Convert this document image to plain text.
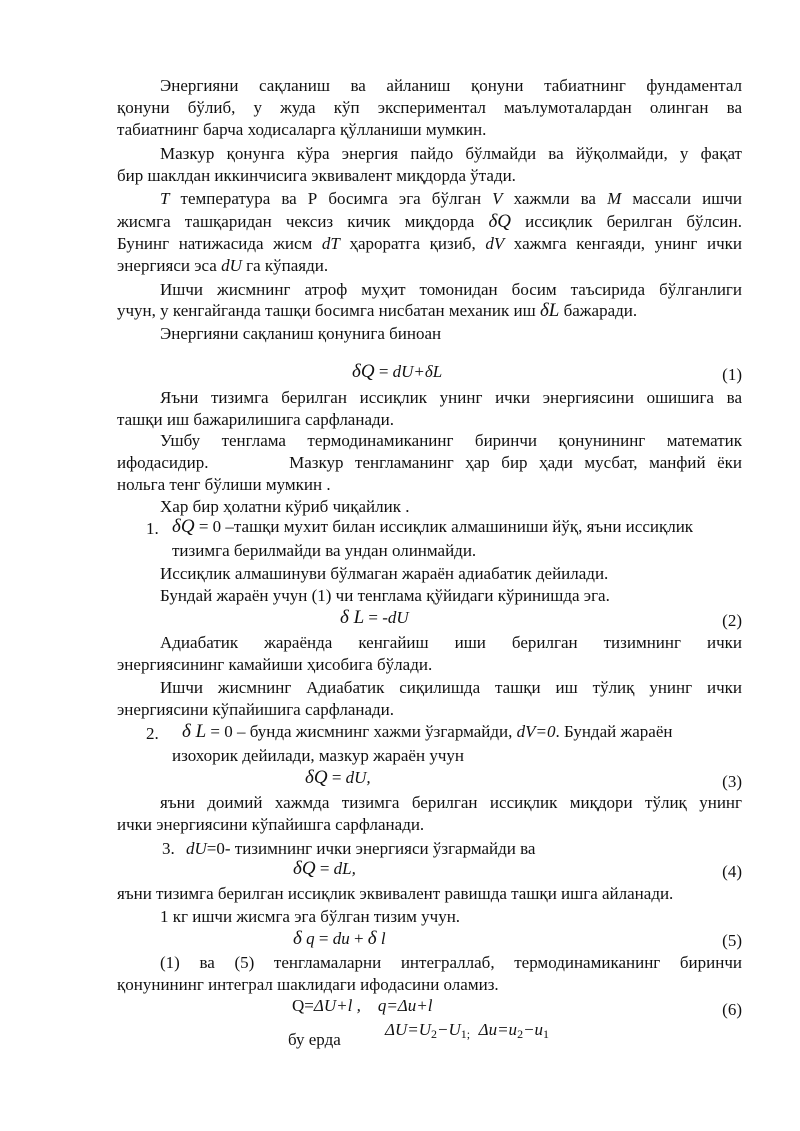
Энергияни сақланиш ва айланиш қонуни табиатнинг фундаментал
қонуни бўлиб, у жуда кўп экспериментал маълумоталардан олинган ва
табиатнинг барча ходисаларга қўлланиши мумкин.
Мазкур қонунга кўра энергия пайдо бўлмайди ва йўқолмайди, у фақат
бир шаклдан иккинчисига эквивалент миқдорда ўтади.
T температура ва Р босимга эга бўлган V хажмли ва M массали ишчи
жисмга ташқаридан чексиз кичик миқдорда δQ иссиқлик берилган бўлсин.
Бунинг натижасида жисм dT ҳароратга қизиб, dV хажмга кенгаяди, унинг ички
энергияси эса dU га кўпаяди.
Ишчи жисмнинг атроф муҳит томонидан босим таъсирида бўлганлиги
учун, у кенгайганда ташқи босимга нисбатан механик иш δL бажаради.
Энергияни сақланиш қонунига биноан
δQ = dU+δL	(1)
Яъни тизимга берилган иссиқлик унинг ички энергиясини ошишига ва
ташқи иш бажарилишига сарфланади.
Ушбу тенглама термодинамиканинг биринчи қонунининг математик
ифодасидир.       Мазкур тенгламанинг ҳар бир ҳади мусбат, манфий ёки
нольга тенг бўлиши мумкин .
Хар бир ҳолатни кўриб чиқайлик .
1. δQ = 0 –ташқи мухит билан иссиқлик алмашиниши йўқ, яъни иссиқлик
тизимга берилмайди ва ундан олинмайди.
Иссиқлик алмашинуви бўлмаган жараён адиабатик дейилади.
Бундай жараён учун (1) чи тенглама қўйидаги кўринишда эга.
δ L = -dU	(2)
Адиабатик жараёнда кенгайиш иши берилган тизимнинг ички
энергиясининг камайиши ҳисобига бўлади.
Ишчи жисмнинг Адиабатик сиқилишда ташқи иш тўлиқ унинг ички
энергиясини кўпайишига сарфланади.
2. δ L = 0 – бунда жисмнинг хажми ўзгармайди, dV=0. Бундай жараён
изохорик дейилади, мазкур жараён учун
δQ = dU,	(3)
яъни доимий хажмда тизимга берилган иссиқлик миқдори тўлиқ унинг
ички энергиясини кўпайишга сарфланади.
3. dU=0- тизимнинг ички энергияси ўзгармайди ва
δQ = dL,	(4)
яъни тизимга берилган иссиқлик эквивалент равишда ташқи ишга айланади.
1 кг ишчи жисмга эга бўлган тизим учун.
δ q = du + δ l	(5)
(1) ва (5) тенгламаларни интеграллаб, термодинамиканинг биринчи
қонунининг интеграл шаклидаги ифодасини оламиз.
Q=ΔU+l , q=Δu+l	(6)
бу ерда
$\Delta U=U_2-U_{1;}$ $\Delta u=u_2-u_1$
